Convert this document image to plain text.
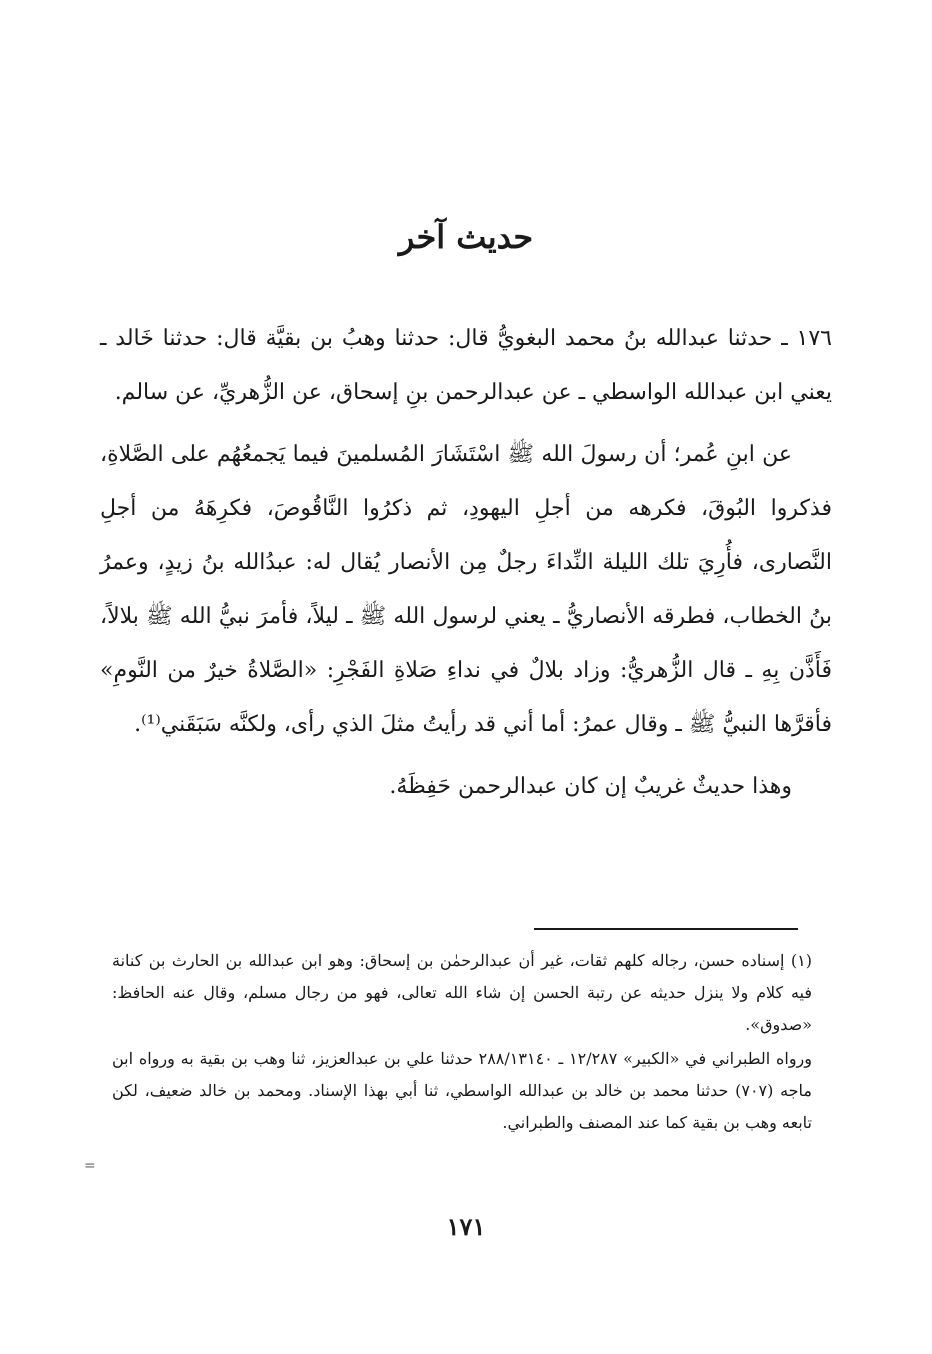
حديث آخر

١٧٦ ـ حدثنا عبدالله بنُ محمد البغويُّ قال: حدثنا وهبُ بن بقيَّة قال: حدثنا خَالد ـ يعني ابن عبدالله الواسطي ـ عن عبدالرحمن بنِ إسحاق، عن الزُّهريِّ، عن سالم.

عن ابنِ عُمر؛ أن رسولَ الله ﷺ اسْتَشَارَ المُسلمينَ فيما يَجمعُهُم على الصَّلاةِ، فذكروا البُوقَ، فكرهه من أجلِ اليهودِ، ثم ذكرُوا النَّاقُوصَ، فكرِهَهُ من أجلِ النَّصارى، فأُرِيَ تلك الليلة النِّداءَ رجلٌ مِن الأنصار يُقال له: عبدُالله بنُ زيدٍ، وعمرُ بنُ الخطاب، فطرقه الأنصاريُّ ـ يعني لرسول الله ﷺ ـ ليلاً، فأمرَ نبيُّ الله ﷺ بلالاً، فَأَذَّن بِهِ ـ قال الزُّهريُّ: وزاد بلالٌ في نداءِ صَلاةِ الفَجْرِ: «الصَّلاةُ خيرٌ من النَّومِ» فأقرَّها النبيُّ ﷺ ـ وقال عمرُ: أما أني قد رأيتُ مثلَ الذي رأى، ولكنَّه سَبَقَني⁽¹⁾.

وهذا حديثٌ غريبٌ إن كان عبدالرحمن حَفِظَهُ.

(١) إسناده حسن، رجاله كلهم ثقات، غير أن عبدالرحمٰن بن إسحاق: وهو ابن عبدالله بن الحارث بن كنانة فيه كلام ولا ينزل حديثه عن رتبة الحسن إن شاء الله تعالى، فهو من رجال مسلم، وقال عنه الحافظ: «صدوق».

ورواه الطبراني في «الكبير» ١٢/٢٨٧ ـ ٢٨٨/١٣١٤٠ حدثنا علي بن عبدالعزيز، ثنا وهب بن بقية به ورواه ابن ماجه (٧٠٧) حدثنا محمد بن خالد بن عبدالله الواسطي، ثنا أبي بهذا الإسناد. ومحمد بن خالد ضعيف، لكن تابعه وهب بن بقية كما عند المصنف والطبراني.

=
١٧١
